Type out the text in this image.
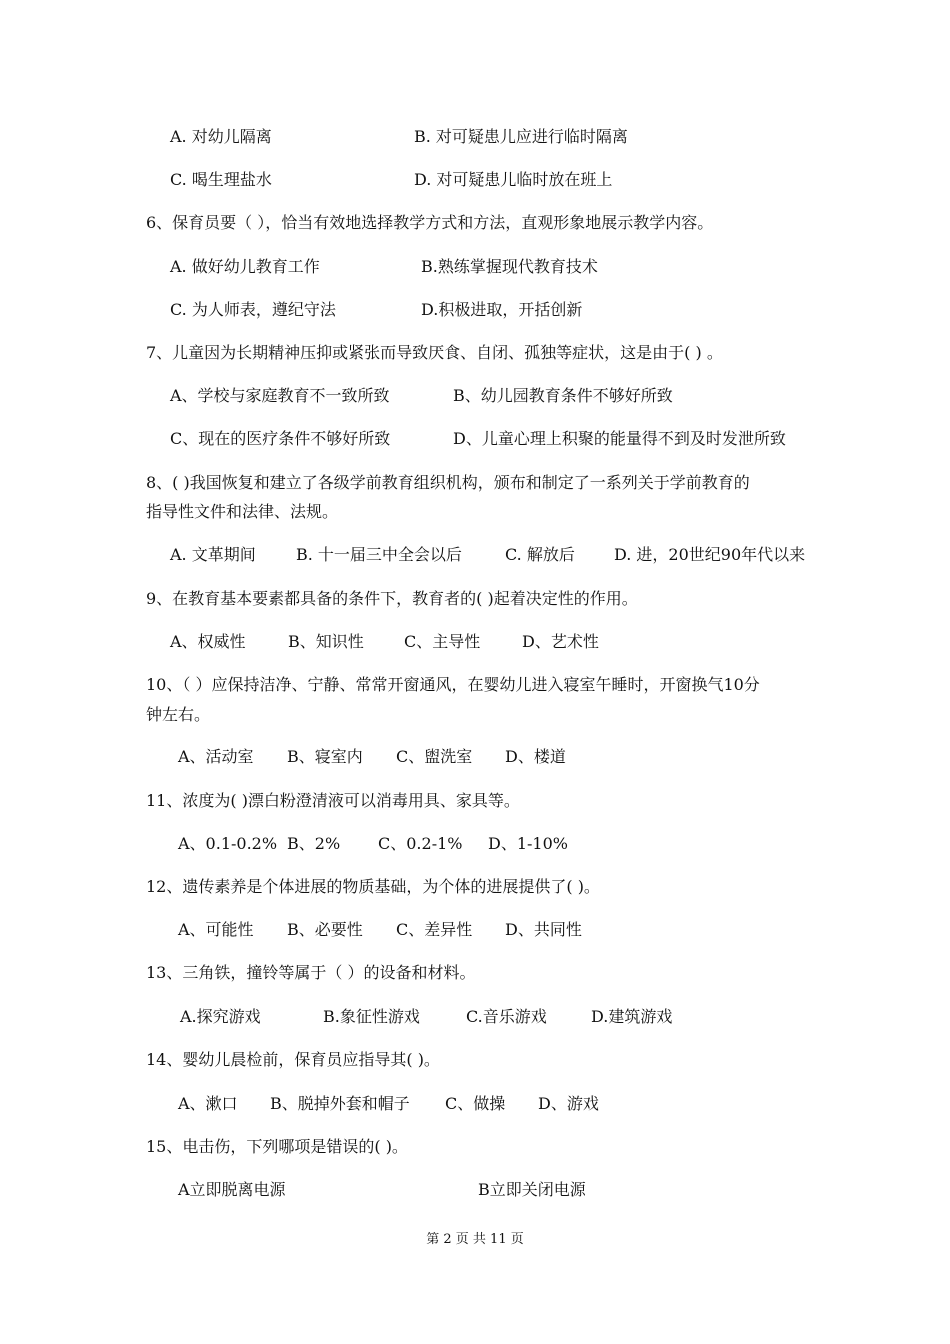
A. 对幼儿隔离	B. 对可疑患儿应进行临时隔离
C. 喝生理盐水	D. 对可疑患儿临时放在班上
6、保育员要（ ），恰当有效地选择教学方式和方法，直观形象地展示教学内容。
A. 做好幼儿教育工作	B.熟练掌握现代教育技术
C. 为人师表，遵纪守法	D.积极进取，开括创新
7、儿童因为长期精神压抑或紧张而导致厌食、自闭、孤独等症状，这是由于( ) 。
A、学校与家庭教育不一致所致	B、幼儿园教育条件不够好所致
C、现在的医疗条件不够好所致	D、儿童心理上积聚的能量得不到及时发泄所致
8、( )我国恢复和建立了各级学前教育组织机构，颁布和制定了一系列关于学前教育的
指导性文件和法律、法规。
A. 文革期间	B. 十一届三中全会以后	C. 解放后 D. 进，20世纪90年代以来
9、在教育基本要素都具备的条件下，教育者的( )起着决定性的作用。
A、权威性	B、知识性	C、主导性	D、艺术性
10、（ ）应保持洁净、宁静、常常开窗通风，在婴幼儿进入寝室午睡时，开窗换气10分
钟左右。
A、活动室 B、寝室内 C、盥洗室 D、楼道
11、浓度为( )漂白粉澄清液可以消毒用具、家具等。
A、0.1-0.2% B、2% C、0.2-1% D、1-10%
12、遗传素养是个体进展的物质基础，为个体的进展提供了( )。
A、可能性 B、必要性 C、差异性 D、共同性
13、三角铁，撞铃等属于（ ）的设备和材料。
A.探究游戏	B.象征性游戏	C.音乐游戏	D.建筑游戏
14、婴幼儿晨检前，保育员应指导其( )。
A、漱口 B、脱掉外套和帽子 C、做操 D、游戏
15、电击伤，下列哪项是错误的( )。
A立即脱离电源	B立即关闭电源
第 2 页 共 11 页
